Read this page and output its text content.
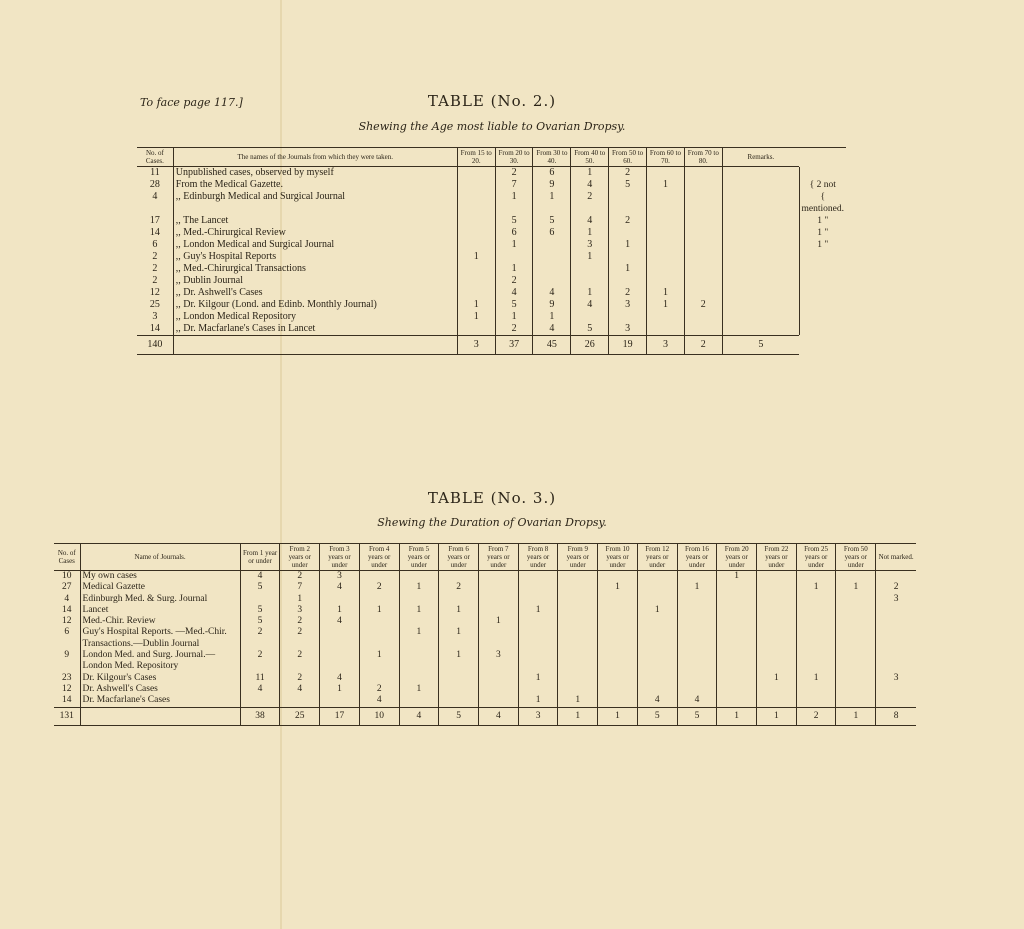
To face page 117.]	TABLE (No. 2.)
Shewing the Age most liable to Ovarian Dropsy.
No. of Cases.	The names of the Journals from which they were taken.	From 15 to 20.	From 20 to 30.	From 30 to 40.	From 40 to 50.	From 50 to 60.	From 60 to 70.	From 70 to 80.	Remarks.	

11	Unpublished cases, observed by myself		2	6	1	2				
28	From the Medical Gazette.		7	9	4	5	1			{ 2 not
4	,, Edinburgh Medical and Surgical Journal		1	1	2					{ mentioned.
17	,, The Lancet		5	5	4	2				1 "
14	,, Med.-Chirurgical Review		6	6	1					1 "
6	,, London Medical and Surgical Journal		1		3	1				1 "
2	,, Guy's Hospital Reports	1			1					
2	,, Med.-Chirurgical Transactions		1			1				
2	,, Dublin Journal		2							
12	,, Dr. Ashwell's Cases		4	4	1	2	1			
25	,, Dr. Kilgour (Lond. and Edinb. Monthly Journal)	1	5	9	4	3	1	2		
3	,, London Medical Repository	1	1	1						
14	,, Dr. Macfarlane's Cases in Lancet		2	4	5	3				

140		3	37	45	26	19	3	2	5	
TABLE (No. 3.)
Shewing the Duration of Ovarian Dropsy.
No. of Cases	Name of Journals.	From 1 year or under	From 2 years or under	From 3 years or under	From 4 years or under	From 5 years or under	From 6 years or under	From 7 years or under	From 8 years or under	From 9 years or under	From 10 years or under	From 12 years or under	From 16 years or under	From 20 years or under	From 22 years or under	From 25 years or under	From 50 years or under	Not marked.

10	My own cases	4	2	3										1				
27	Medical Gazette	5	7	4	2	1	2				1		1			1	1	2
4	Edinburgh Med. & Surg. Journal		1															3
14	Lancet	5	3	1	1	1	1		1			1						
12	Med.-Chir. Review	5	2	4				1										
6	Guy's Hospital Reports. —Med.-Chir. Transactions.—Dublin Journal	2	2			1	1											
9	London Med. and Surg. Journal.—London Med. Repository	2	2		1		1	3										
23	Dr. Kilgour's Cases	11	2	4					1						1	1		3
12	Dr. Ashwell's Cases	4	4	1	2	1												
14	Dr. Macfarlane's Cases				4				1	1		4	4					

131		38	25	17	10	4	5	4	3	1	1	5	5	1	1	2	1	8
